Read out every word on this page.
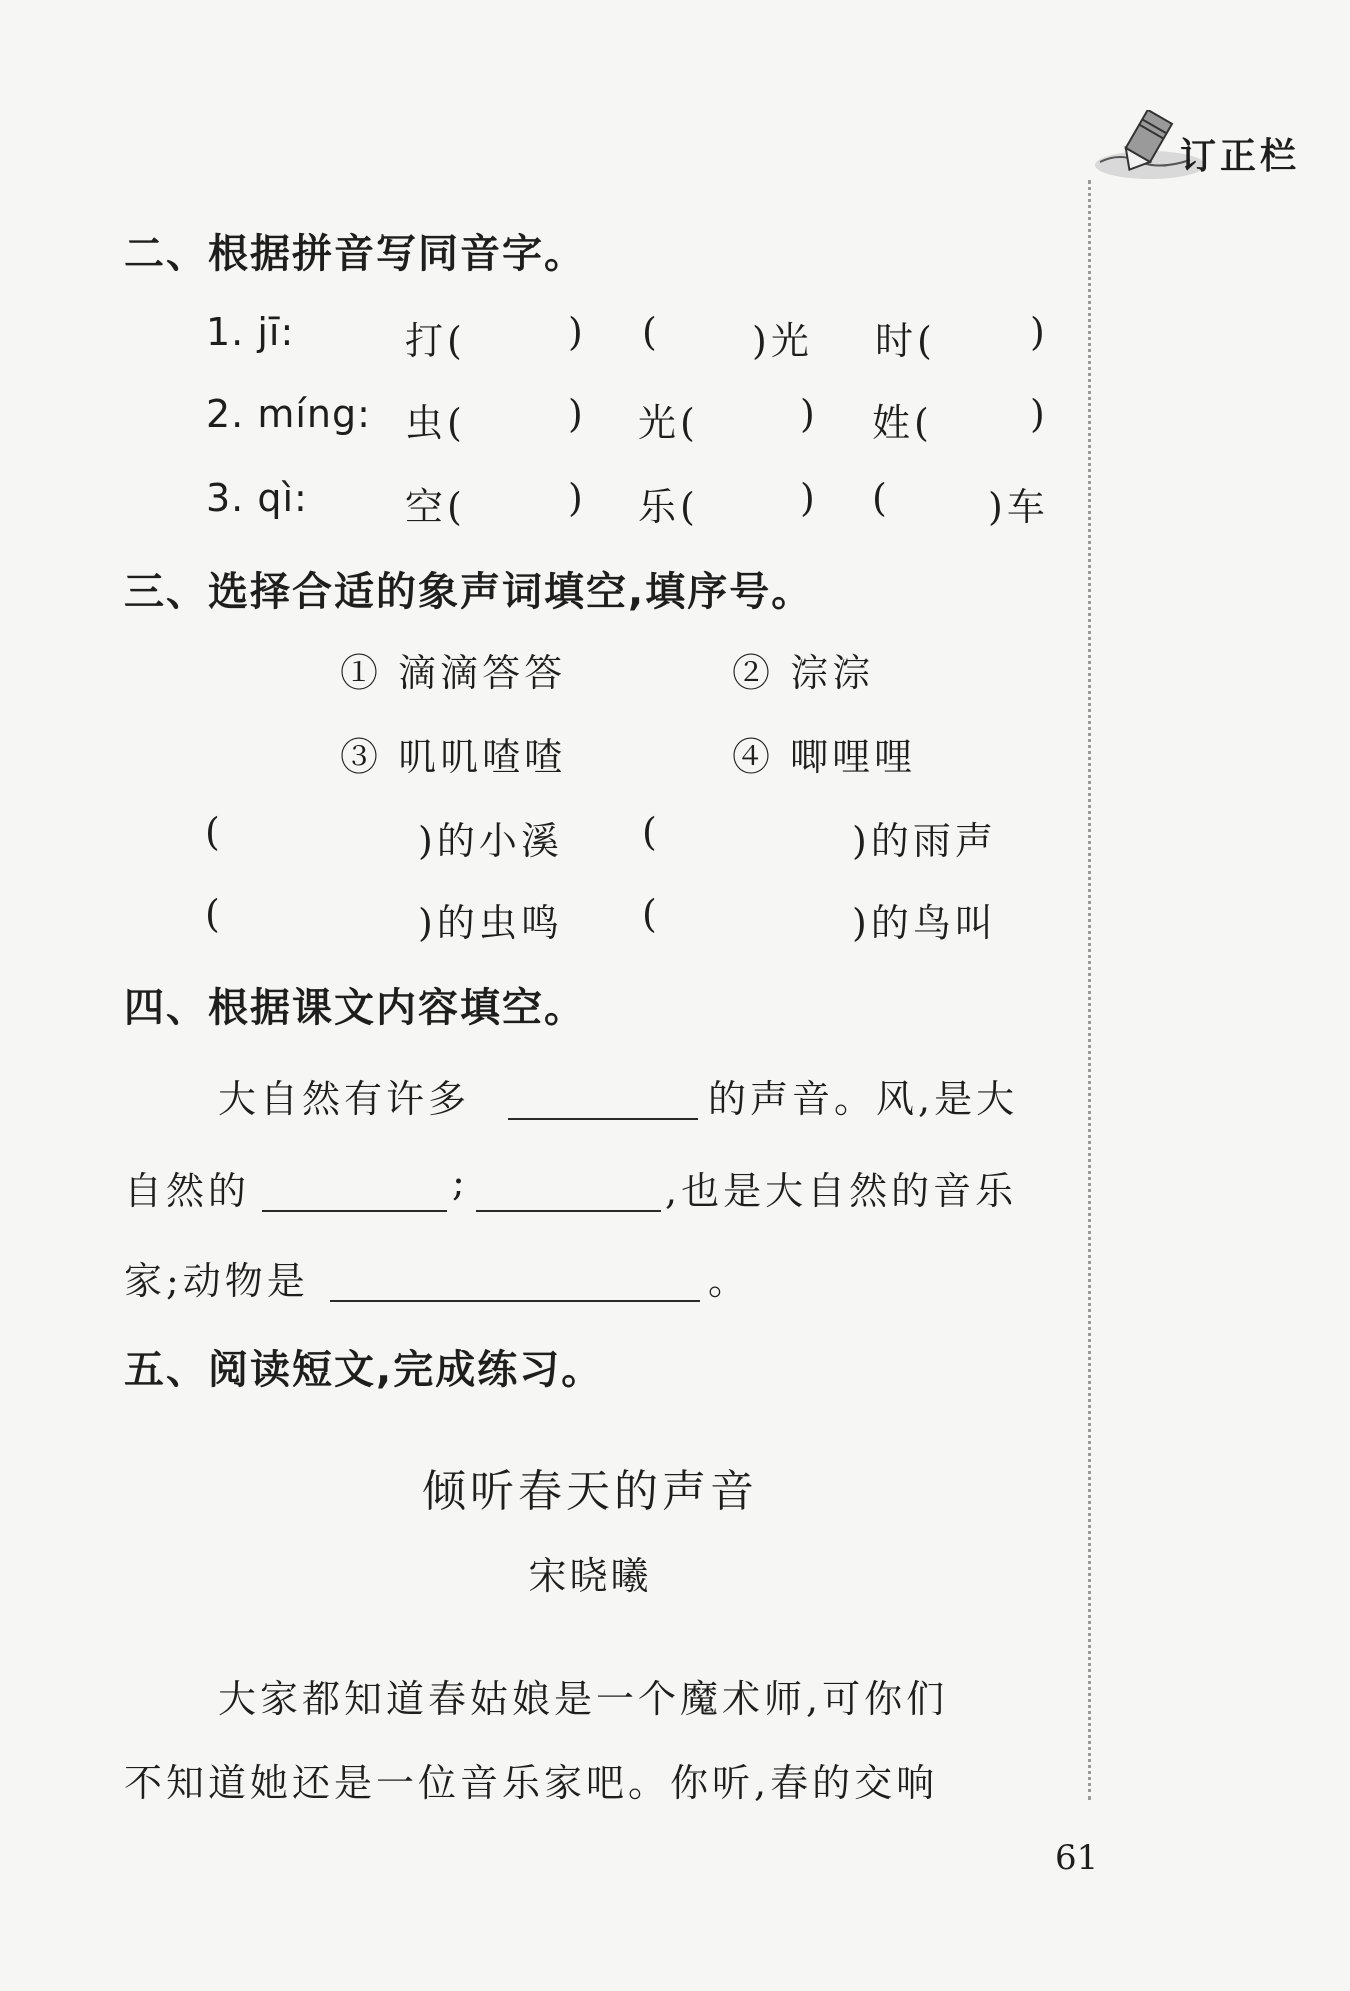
订正栏
二、根据拼音写同音字。
1. jī:	打(	) ( )光 时( )
2. míng: 虫(	) 光(	) 姓(	)
3. qì:	空(	) 乐(	) (	)车
三、选择合适的象声词填空,填序号。
① 滴滴答答	② 淙淙
③ 叽叽喳喳	④ 唧哩哩
(	)的小溪 (	)的雨声
(	)的虫鸣 (	)的鸟叫
四、根据课文内容填空。
大自然有许多	的声音。风,是大
自然的	;	,也是大自然的音乐
家;动物是	。
五、阅读短文,完成练习。
倾听春天的声音
宋晓曦
大家都知道春姑娘是一个魔术师,可你们
不知道她还是一位音乐家吧。你听,春的交响
61
